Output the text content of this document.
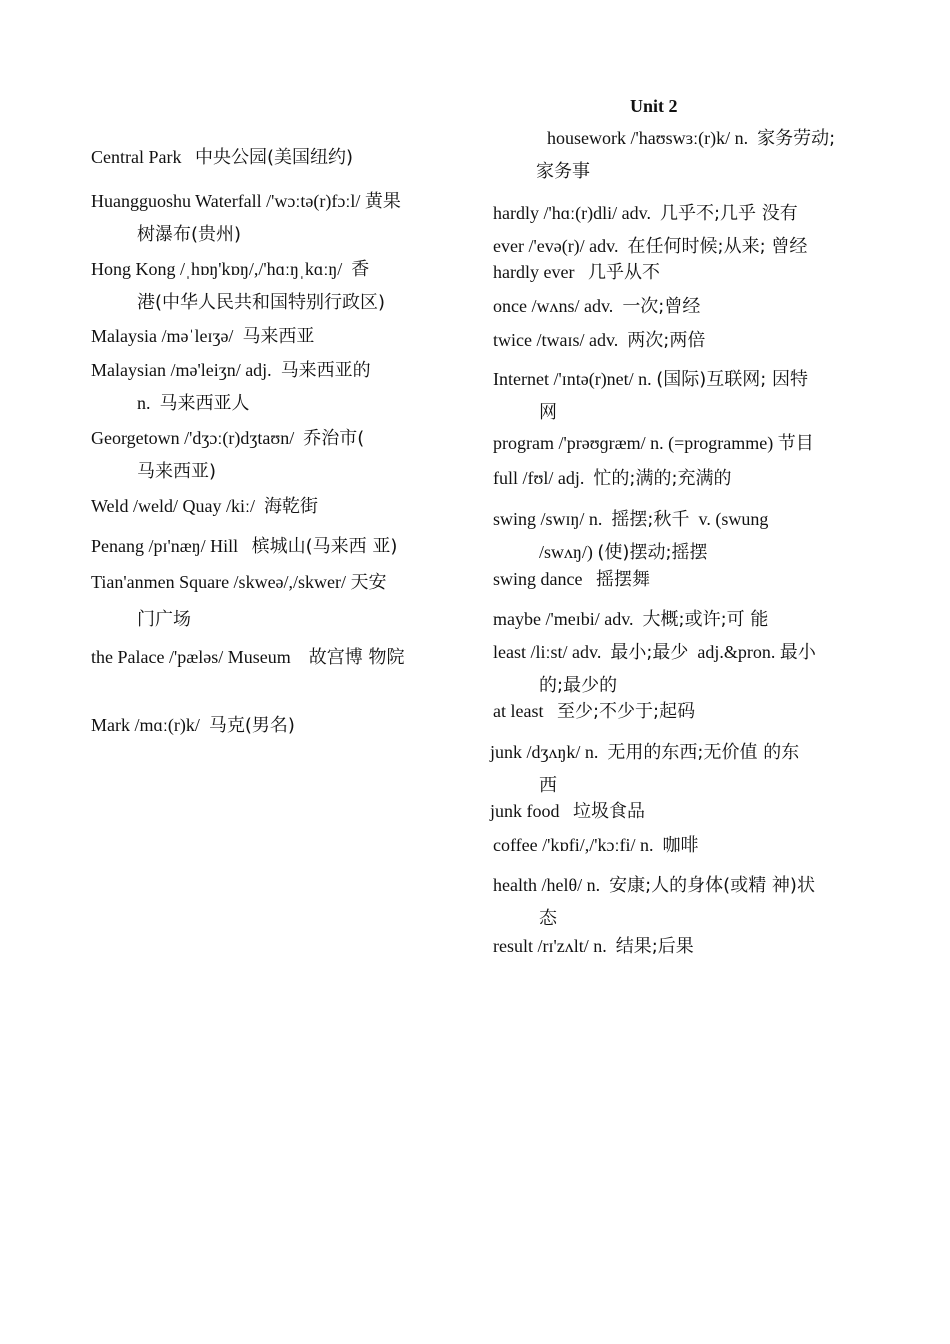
Unit 2
Central Park 中央公园(美国纽约)
Huangguoshu Waterfall /'wɔːtə(r)fɔːl/ 黄果
树瀑布(贵州)
Hong Kong /ˌhɒŋ'kɒŋ/,/'hɑːŋˌkɑːŋ/ 香
港(中华人民共和国特别行政区)
Malaysia /məˈleɪʒə/ 马来西亚
Malaysian /mə'leiʒn/ adj. 马来西亚的
n. 马来西亚人
Georgetown /'dʒɔː(r)dʒtaʊn/ 乔治市(
马来西亚)
Weld /weld/ Quay /kiː/ 海乾街
Penang /pɪ'næŋ/ Hill 槟城山(马来西 亚)
Tian'anmen Square /skweə/,/skwer/ 天安
门广场
the Palace /'pæləs/ Museum 故宫博 物院
Mark /mɑː(r)k/ 马克(男名)
housework /'haʊswɜː(r)k/ n. 家务劳动;
家务事
hardly /'hɑː(r)dli/ adv. 几乎不;几乎 没有
ever /'evə(r)/ adv. 在任何时候;从来; 曾经
hardly ever 几乎从不
once /wʌns/ adv. 一次;曾经
twice /twaɪs/ adv. 两次;两倍
Internet /'ɪntə(r)net/ n. (国际)互联网; 因特
网
program /'prəʊɡræm/ n. (=programme) 节目
full /fʊl/ adj. 忙的;满的;充满的
swing /swɪŋ/ n. 摇摆;秋千 v. (swung
/swʌŋ/) (使)摆动;摇摆
swing dance 摇摆舞
maybe /'meɪbi/ adv. 大概;或许;可 能
least /liːst/ adv. 最小;最少 adj.&pron. 最小
的;最少的
at least 至少;不少于;起码
junk /dʒʌŋk/ n. 无用的东西;无价值 的东
西
junk food 垃圾食品
coffee /'kɒfi/,/'kɔːfi/ n. 咖啡
health /helθ/ n. 安康;人的身体(或精 神)状
态
result /rɪ'zʌlt/ n. 结果;后果
